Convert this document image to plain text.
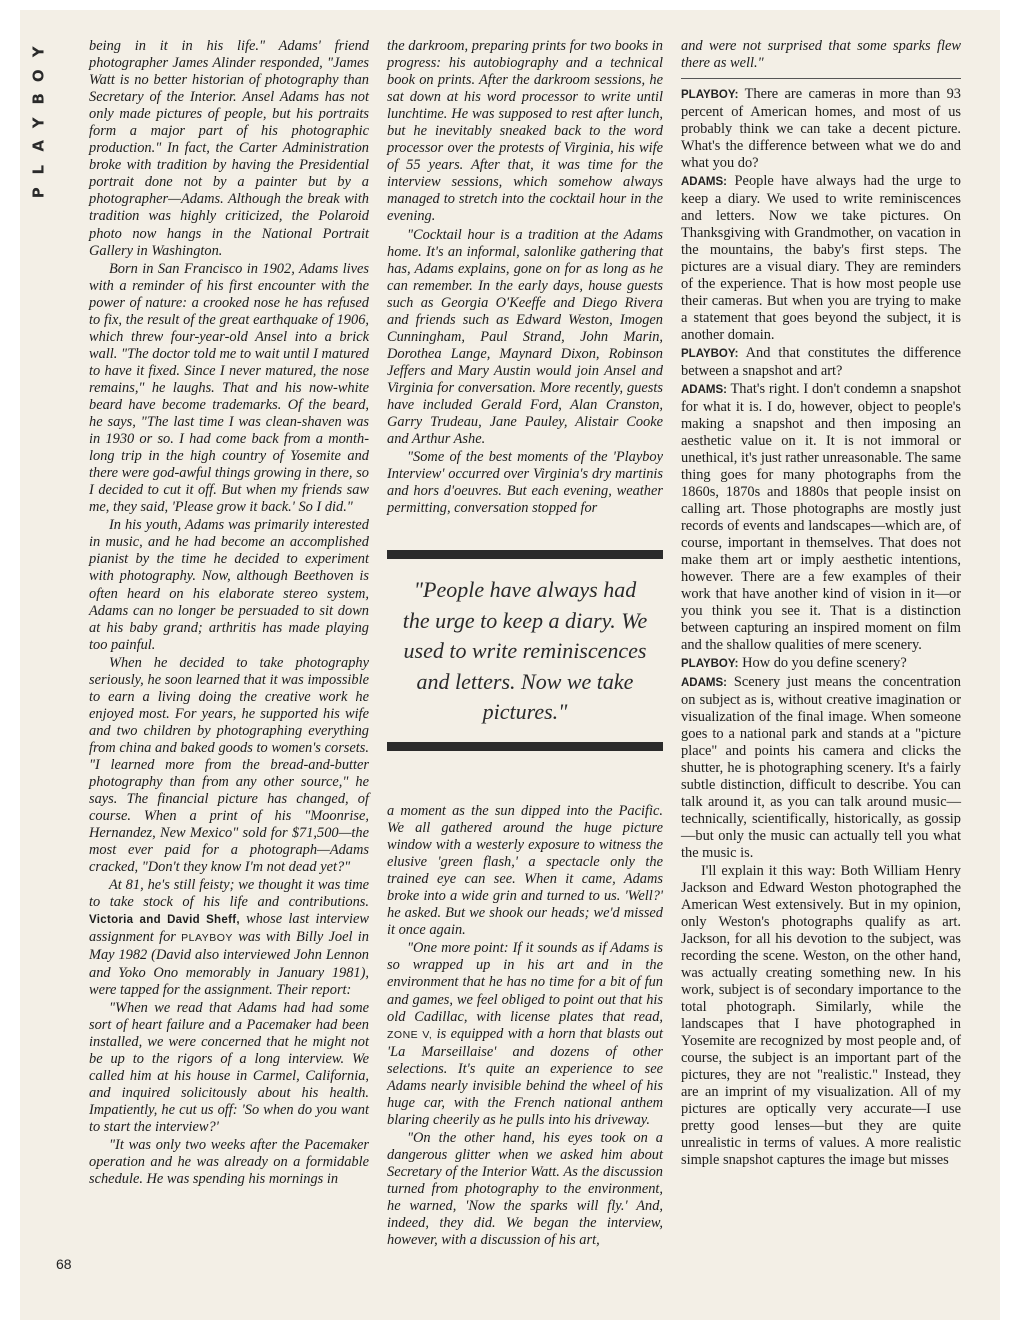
Y
O
B
Y
A
L
P
68

being in it in his life." Adams' friend photographer James Alinder responded, "James Watt is no better historian of photography than Secretary of the Interior. Ansel Adams has not only made pictures of people, but his portraits form a major part of his photographic production." In fact, the Carter Administration broke with tradition by having the Presidential portrait done not by a painter but by a photographer—Adams. Although the break with tradition was highly criticized, the Polaroid photo now hangs in the National Portrait Gallery in Washington.

Born in San Francisco in 1902, Adams lives with a reminder of his first encounter with the power of nature: a crooked nose he has refused to fix, the result of the great earthquake of 1906, which threw four-year-old Ansel into a brick wall. "The doctor told me to wait until I matured to have it fixed. Since I never matured, the nose remains," he laughs. That and his now-white beard have become trademarks. Of the beard, he says, "The last time I was clean-shaven was in 1930 or so. I had come back from a month-long trip in the high country of Yosemite and there were god-awful things growing in there, so I decided to cut it off. But when my friends saw me, they said, 'Please grow it back.' So I did."

In his youth, Adams was primarily interested in music, and he had become an accomplished pianist by the time he decided to experiment with photography. Now, although Beethoven is often heard on his elaborate stereo system, Adams can no longer be persuaded to sit down at his baby grand; arthritis has made playing too painful.

When he decided to take photography seriously, he soon learned that it was impossible to earn a living doing the creative work he enjoyed most. For years, he supported his wife and two children by photographing everything from china and baked goods to women's corsets. "I learned more from the bread-and-butter photography than from any other source," he says. The financial picture has changed, of course. When a print of his "Moonrise, Hernandez, New Mexico" sold for $71,500—the most ever paid for a photograph—Adams cracked, "Don't they know I'm not dead yet?"

At 81, he's still feisty; we thought it was time to take stock of his life and contributions. Victoria and David Sheff, whose last interview assignment for PLAYBOY was with Billy Joel in May 1982 (David also interviewed John Lennon and Yoko Ono memorably in January 1981), were tapped for the assignment. Their report:

"When we read that Adams had had some sort of heart failure and a Pacemaker had been installed, we were concerned that he might not be up to the rigors of a long interview. We called him at his house in Carmel, California, and inquired solicitously about his health. Impatiently, he cut us off: 'So when do you want to start the interview?'

"It was only two weeks after the Pacemaker operation and he was already on a formidable schedule. He was spending his mornings in

the darkroom, preparing prints for two books in progress: his autobiography and a technical book on prints. After the darkroom sessions, he sat down at his word processor to write until lunchtime. He was supposed to rest after lunch, but he inevitably sneaked back to the word processor over the protests of Virginia, his wife of 55 years. After that, it was time for the interview sessions, which somehow always managed to stretch into the cocktail hour in the evening.

"Cocktail hour is a tradition at the Adams home. It's an informal, salonlike gathering that has, Adams explains, gone on for as long as he can remember. In the early days, house guests such as Georgia O'Keeffe and Diego Rivera and friends such as Edward Weston, Imogen Cunningham, Paul Strand, John Marin, Dorothea Lange, Maynard Dixon, Robinson Jeffers and Mary Austin would join Ansel and Virginia for conversation. More recently, guests have included Gerald Ford, Alan Cranston, Garry Trudeau, Jane Pauley, Alistair Cooke and Arthur Ashe.

"Some of the best moments of the 'Playboy Interview' occurred over Virginia's dry martinis and hors d'oeuvres. But each evening, weather permitting, conversation stopped for

"People have always had the urge to keep a diary. We used to write reminiscences and letters. Now we take pictures."

a moment as the sun dipped into the Pacific. We all gathered around the huge picture window with a westerly exposure to witness the elusive 'green flash,' a spectacle only the trained eye can see. When it came, Adams broke into a wide grin and turned to us. 'Well?' he asked. But we shook our heads; we'd missed it once again.

"One more point: If it sounds as if Adams is so wrapped up in his art and in the environment that he has no time for a bit of fun and games, we feel obliged to point out that his old Cadillac, with license plates that read, ZONE V, is equipped with a horn that blasts out 'La Marseillaise' and dozens of other selections. It's quite an experience to see Adams nearly invisible behind the wheel of his huge car, with the French national anthem blaring cheerily as he pulls into his driveway.

"On the other hand, his eyes took on a dangerous glitter when we asked him about Secretary of the Interior Watt. As the discussion turned from photography to the environment, he warned, 'Now the sparks will fly.' And, indeed, they did. We began the interview, however, with a discussion of his art,

and were not surprised that some sparks flew there as well."

PLAYBOY: There are cameras in more than 93 percent of American homes, and most of us probably think we can take a decent picture. What's the difference between what we do and what you do?

ADAMS: People have always had the urge to keep a diary. We used to write reminiscences and letters. Now we take pictures. On Thanksgiving with Grandmother, on vacation in the mountains, the baby's first steps. The pictures are a visual diary. They are reminders of the experience. That is how most people use their cameras. But when you are trying to make a statement that goes beyond the subject, it is another domain.

PLAYBOY: And that constitutes the difference between a snapshot and art?

ADAMS: That's right. I don't condemn a snapshot for what it is. I do, however, object to people's making a snapshot and then imposing an aesthetic value on it. It is not immoral or unethical, it's just rather unreasonable. The same thing goes for many photographs from the 1860s, 1870s and 1880s that people insist on calling art. Those photographs are mostly just records of events and landscapes—which are, of course, important in themselves. That does not make them art or imply aesthetic intentions, however. There are a few examples of their work that have another kind of vision in it—or you think you see it. That is a distinction between capturing an inspired moment on film and the shallow qualities of mere scenery.

PLAYBOY: How do you define scenery?

ADAMS: Scenery just means the concentration on subject as is, without creative imagination or visualization of the final image. When someone goes to a national park and stands at a "picture place" and points his camera and clicks the shutter, he is photographing scenery. It's a fairly subtle distinction, difficult to describe. You can talk around it, as you can talk around music—technically, scientifically, historically, as gossip—but only the music can actually tell you what the music is.

I'll explain it this way: Both William Henry Jackson and Edward Weston photographed the American West extensively. But in my opinion, only Weston's photographs qualify as art. Jackson, for all his devotion to the subject, was recording the scene. Weston, on the other hand, was actually creating something new. In his work, subject is of secondary importance to the total photograph. Similarly, while the landscapes that I have photographed in Yosemite are recognized by most people and, of course, the subject is an important part of the pictures, they are not "realistic." Instead, they are an imprint of my visualization. All of my pictures are optically very accurate—I use pretty good lenses—but they are quite unrealistic in terms of values. A more realistic simple snapshot captures the image but misses
